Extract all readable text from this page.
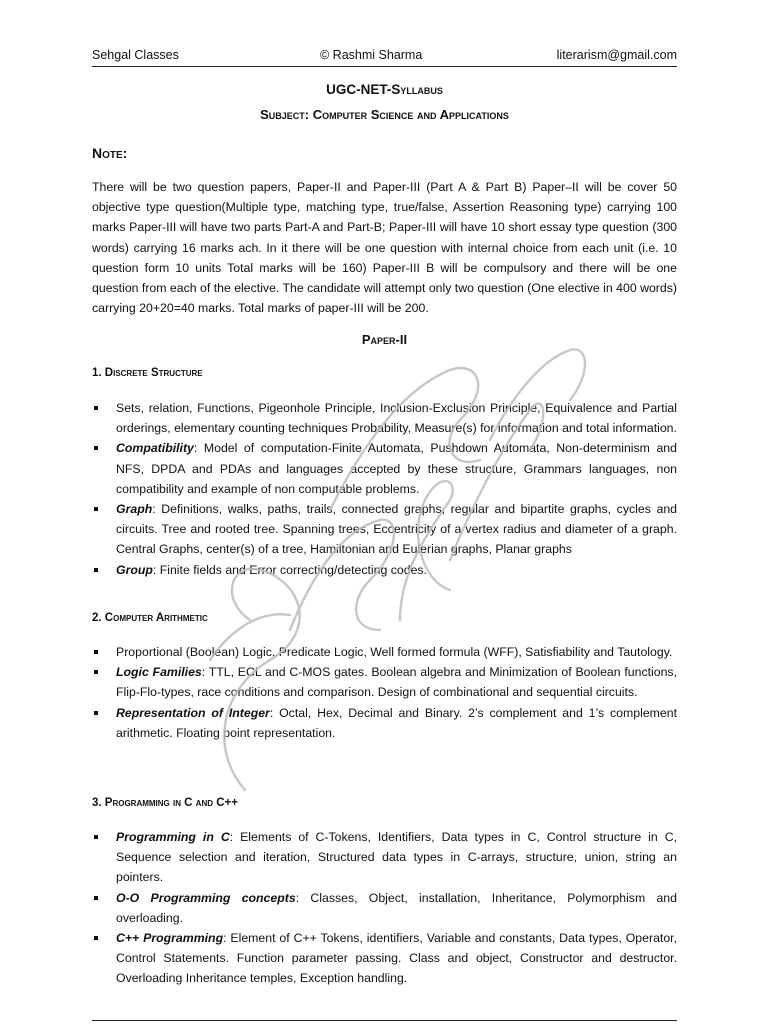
Sehgal Classes	© Rashmi Sharma	literarism@gmail.com
UGC-NET-Syllabus
Subject: Computer Science and Applications
Note:
There will be two question papers, Paper-II and Paper-III (Part A & Part B) Paper–II will be cover 50 objective type question(Multiple type, matching type, true/false, Assertion Reasoning type) carrying 100 marks Paper-III will have two parts Part-A and Part-B; Paper-III will have 10 short essay type question (300 words) carrying 16 marks ach. In it there will be one question with internal choice from each unit (i.e. 10 question form 10 units Total marks will be 160) Paper-III B will be compulsory and there will be one question from each of the elective. The candidate will attempt only two question (One elective in 400 words) carrying 20+20=40 marks. Total marks of paper-III will be 200.
Paper-II
1. Discrete Structure
Sets, relation, Functions, Pigeonhole Principle, Inclusion-Exclusion Principle, Equivalence and Partial orderings, elementary counting techniques Probability, Measure(s) for information and total information.
Compatibility: Model of computation-Finite Automata, Pushdown Automata, Non-determinism and NFS, DPDA and PDAs and languages accepted by these structure, Grammars languages, non compatibility and example of non computable problems.
Graph: Definitions, walks, paths, trails, connected graphs, regular and bipartite graphs, cycles and circuits. Tree and rooted tree. Spanning trees, Eccentricity of a vertex radius and diameter of a graph. Central Graphs, center(s) of a tree, Hamiltonian and Eulerian graphs, Planar graphs
Group: Finite fields and Error correcting/detecting codes.
2. Computer Arithmetic
Proportional (Boolean) Logic, Predicate Logic, Well formed formula (WFF), Satisfiability and Tautology.
Logic Families: TTL, ECL and C-MOS gates. Boolean algebra and Minimization of Boolean functions, Flip-Flo-types, race conditions and comparison. Design of combinational and sequential circuits.
Representation of Integer: Octal, Hex, Decimal and Binary. 2’s complement and 1’s complement arithmetic. Floating point representation.
3. Programming in C and C++
Programming in C: Elements of C-Tokens, Identifiers, Data types in C, Control structure in C, Sequence selection and iteration, Structured data types in C-arrays, structure, union, string an pointers.
O-O Programming concepts: Classes, Object, installation, Inheritance, Polymorphism and overloading.
C++ Programming: Element of C++ Tokens, identifiers, Variable and constants, Data types, Operator, Control Statements. Function parameter passing. Class and object, Constructor and destructor. Overloading Inheritance temples, Exception handling.
